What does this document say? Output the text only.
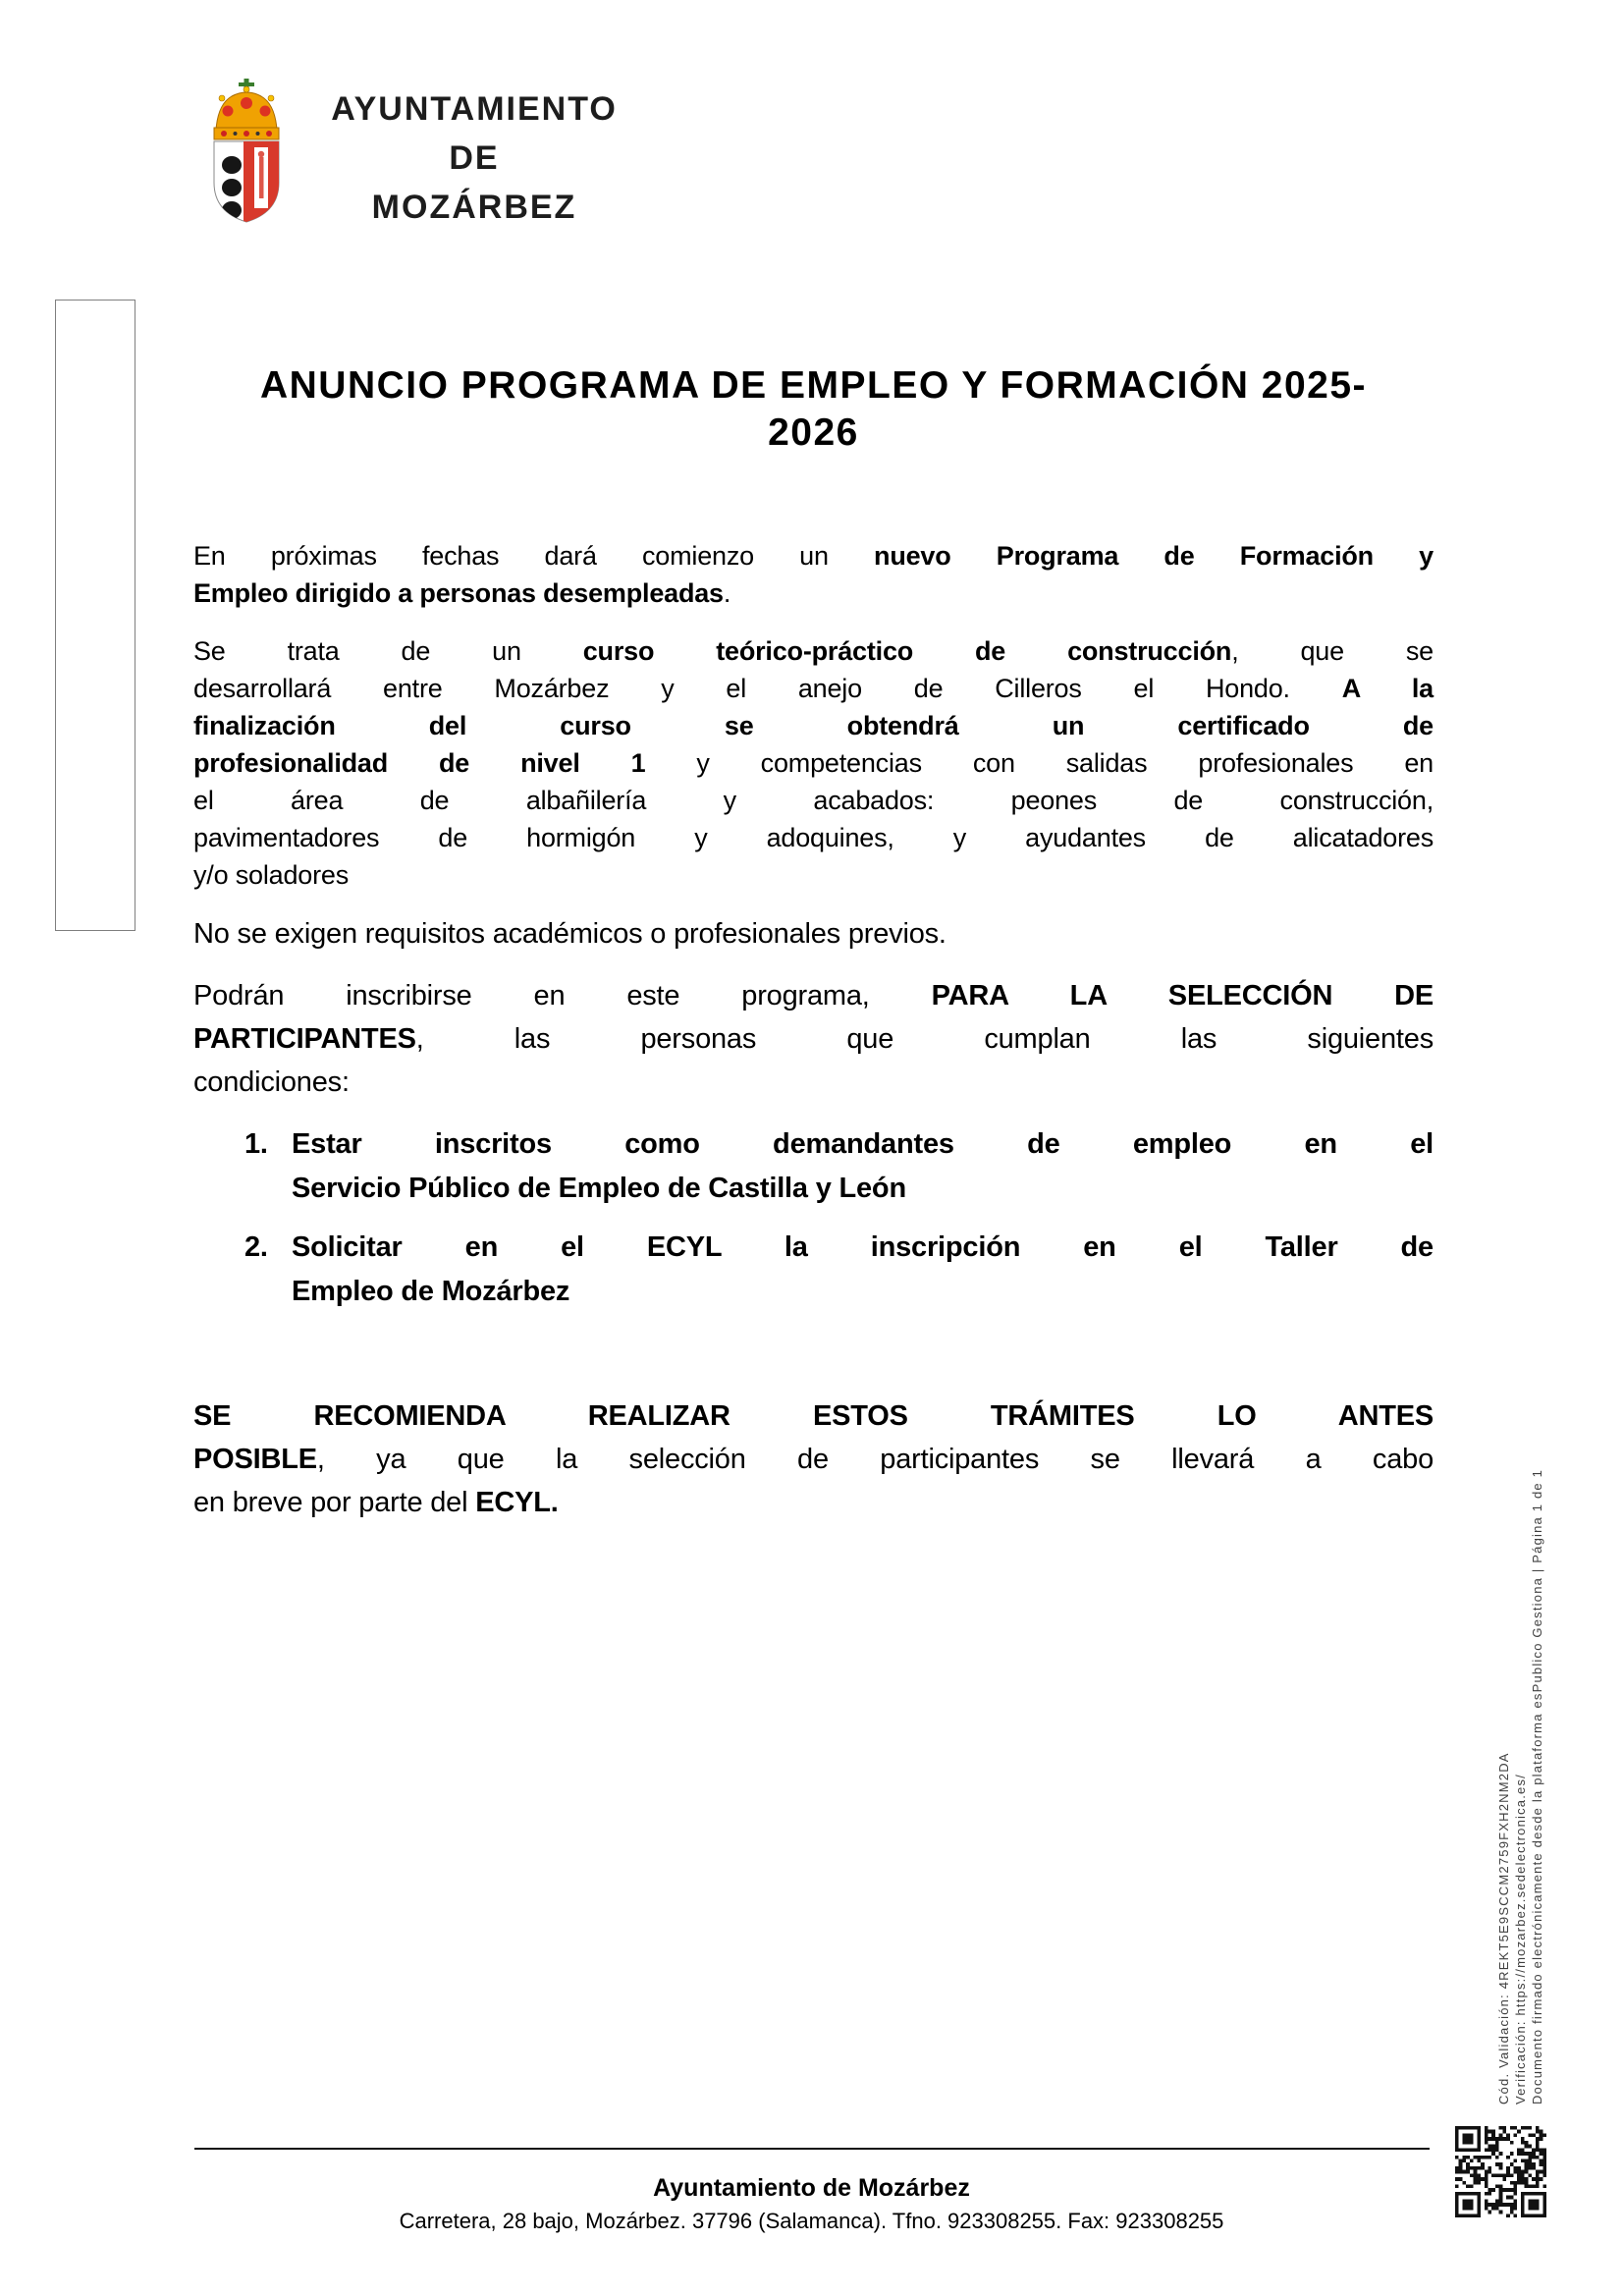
AYUNTAMIENTO
DE
MOZÁRBEZ
ANUNCIO PROGRAMA DE EMPLEO Y FORMACIÓN 2025-
2026
En próximas fechas dará comienzo un nuevo Programa de Formación y
Empleo dirigido a personas desempleadas.
Se trata de un curso teórico-práctico de construcción, que se
desarrollará entre Mozárbez y el anejo de Cilleros el Hondo. A la
finalización del curso se obtendrá un certificado de
profesionalidad de nivel 1 y competencias con salidas profesionales en
el área de albañilería y acabados: peones de construcción,
pavimentadores de hormigón y adoquines, y ayudantes de alicatadores
y/o soladores
No se exigen requisitos académicos o profesionales previos.
Podrán inscribirse en este programa, PARA LA SELECCIÓN DE
PARTICIPANTES, las personas que cumplan las siguientes
condiciones:
1. Estar inscritos como demandantes de empleo en el
Servicio Público de Empleo de Castilla y León
2. Solicitar en el ECYL la inscripción en el Taller de
Empleo de Mozárbez
SE RECOMIENDA REALIZAR ESTOS TRÁMITES LO ANTES
POSIBLE, ya que la selección de participantes se llevará a cabo
en breve por parte del ECYL.
Cód. Validación: 4REKT5E9SCCM2759FXH2NM2DA Verificación: https://mozarbez.sedelectronica.es/ Documento firmado electrónicamente desde la plataforma esPublico Gestiona | Página 1 de 1
Ayuntamiento de Mozárbez
Carretera, 28 bajo, Mozárbez. 37796 (Salamanca). Tfno. 923308255. Fax: 923308255
